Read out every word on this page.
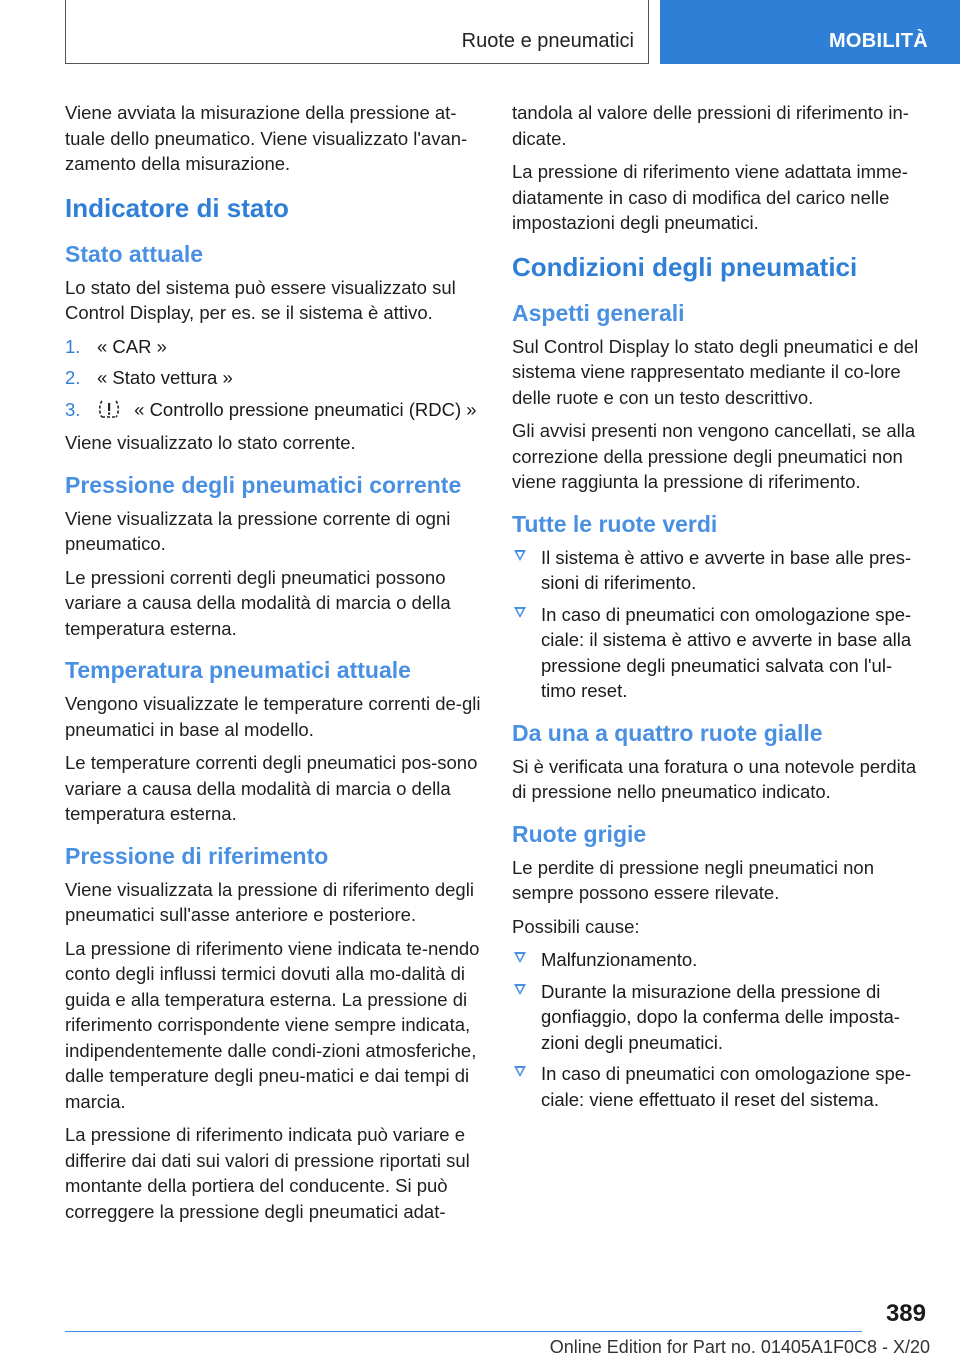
Ruote e pneumatici	MOBILITÀ

Viene avviata la misurazione della pressione at-tuale dello pneumatico. Viene visualizzato l'avan-zamento della misurazione.

Indicatore di stato
Stato attuale

Lo stato del sistema può essere visualizzato sul Control Display, per es. se il sistema è attivo.

1. « CAR »
2. « Stato vettura »
3.	« Controllo pressione pneumatici (RDC) »

Viene visualizzato lo stato corrente.

Pressione degli pneumatici corrente

Viene visualizzata la pressione corrente di ogni pneumatico.

Le pressioni correnti degli pneumatici possono variare a causa della modalità di marcia o della temperatura esterna.

Temperatura pneumatici attuale

Vengono visualizzate le temperature correnti de-gli pneumatici in base al modello.

Le temperature correnti degli pneumatici pos-sono variare a causa della modalità di marcia o della temperatura esterna.

Pressione di riferimento

Viene visualizzata la pressione di riferimento degli pneumatici sull'asse anteriore e posteriore.

La pressione di riferimento viene indicata te-nendo conto degli influssi termici dovuti alla mo-dalità di guida e alla temperatura esterna. La pressione di riferimento corrispondente viene sempre indicata, indipendentemente dalle condi-zioni atmosferiche, dalle temperature degli pneu-matici e dai tempi di marcia.

La pressione di riferimento indicata può variare e differire dai dati sui valori di pressione riportati sul montante della portiera del conducente. Si può correggere la pressione degli pneumatici adat-

tandola al valore delle pressioni di riferimento in-dicate.

La pressione di riferimento viene adattata imme-diatamente in caso di modifica del carico nelle impostazioni degli pneumatici.

Condizioni degli pneumatici
Aspetti generali

Sul Control Display lo stato degli pneumatici e del sistema viene rappresentato mediante il co-lore delle ruote e con un testo descrittivo.

Gli avvisi presenti non vengono cancellati, se alla correzione della pressione degli pneumatici non viene raggiunta la pressione di riferimento.

Tutte le ruote verdi
Il sistema è attivo e avverte in base alle pres-sioni di riferimento.
In caso di pneumatici con omologazione spe-ciale: il sistema è attivo e avverte in base alla pressione degli pneumatici salvata con l'ul-timo reset.
Da una a quattro ruote gialle

Si è verificata una foratura o una notevole perdita di pressione nello pneumatico indicato.

Ruote grigie

Le perdite di pressione negli pneumatici non sempre possono essere rilevate.

Possibili cause:

Malfunzionamento.
Durante la misurazione della pressione di gonfiaggio, dopo la conferma delle imposta-zioni degli pneumatici.
In caso di pneumatici con omologazione spe-ciale: viene effettuato il reset del sistema.
389
Online Edition for Part no. 01405A1F0C8 - X/20
